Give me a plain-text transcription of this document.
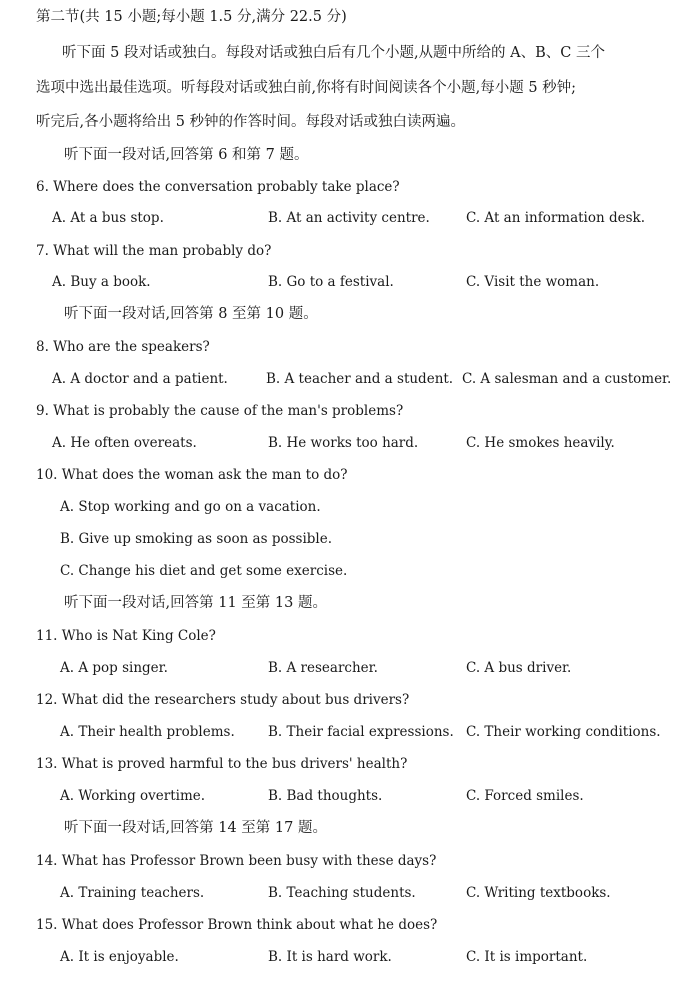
第二节(共 15 小题;每小题 1.5 分,满分 22.5 分)
听下面 5 段对话或独白。每段对话或独白后有几个小题,从题中所给的 A、B、C 三个
选项中选出最佳选项。听每段对话或独白前,你将有时间阅读各个小题,每小题 5 秒钟;
听完后,各小题将给出 5 秒钟的作答时间。每段对话或独白读两遍。
听下面一段对话,回答第 6 和第 7 题。
6. Where does the conversation probably take place?
A. At a bus stop.	B. At an activity centre.	C. At an information desk.
7. What will the man probably do?
A. Buy a book.	B. Go to a festival.	C. Visit the woman.
听下面一段对话,回答第 8 至第 10 题。
8. Who are the speakers?
A. A doctor and a patient.	B. A teacher and a student. C. A salesman and a customer.
9. What is probably the cause of the man's problems?
A. He often overeats.	B. He works too hard.	C. He smokes heavily.
10. What does the woman ask the man to do?
A. Stop working and go on a vacation.
B. Give up smoking as soon as possible.
C. Change his diet and get some exercise.
听下面一段对话,回答第 11 至第 13 题。
11. Who is Nat King Cole?
A. A pop singer.	B. A researcher.	C. A bus driver.
12. What did the researchers study about bus drivers?
A. Their health problems. B. Their facial expressions. C. Their working conditions.
13. What is proved harmful to the bus drivers' health?
A. Working overtime.	B. Bad thoughts.	C. Forced smiles.
听下面一段对话,回答第 14 至第 17 题。
14. What has Professor Brown been busy with these days?
A. Training teachers.	B. Teaching students.	C. Writing textbooks.
15. What does Professor Brown think about what he does?
A. It is enjoyable.	B. It is hard work.	C. It is important.
